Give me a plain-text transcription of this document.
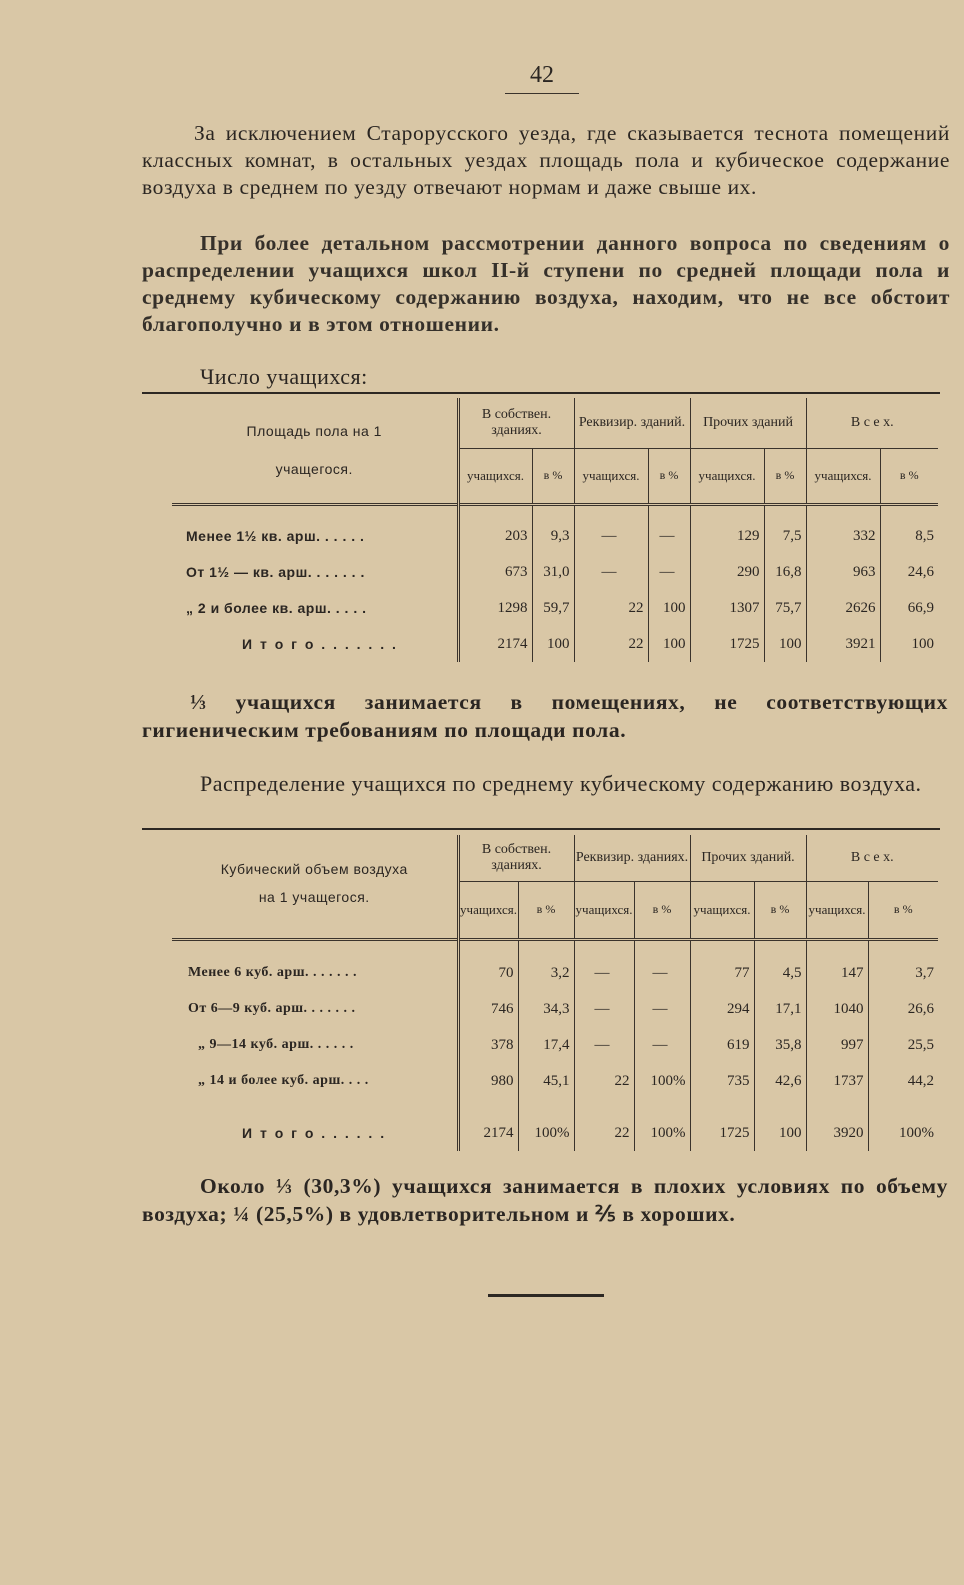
42

За исключением Старорусского уезда, где сказывается теснота помещений классных комнат, в остальных уездах площадь пола и кубическое содержание воздуха в среднем по уезду отвечают нормам и даже свыше их.

При более детальном рассмотрении данного вопроса по сведениям о распределении учащихся школ II-й ступени по средней площади пола и среднему кубическому содержанию воздуха, находим, что не все обстоит благополучно и в этом отношении.

Число учащихся:
Площадь пола на 1 учащегося.	В собствен. зданиях.		Реквизир. зданий.		Прочих зданий		В с е х.	
	учащихся.	в %	учащихся.	в %	учащихся.	в %	учащихся.	в %

Менее 1½ кв. арш. . . . . .	203	9,3	—	—	129	7,5	332	8,5
От 1½ — кв. арш. . . . . . .	673	31,0	—	—	290	16,8	963	24,6
„ 2 и более кв. арш. . . . .	1298	59,7	22	100	1307	75,7	2626	66,9
И т о г о . . . . . . .	2174	100	22	100	1725	100	3921	100

⅓ учащихся занимается в помещениях, не соответствующих гигиеническим требованиям по площади пола.

Распределение учащихся по среднему кубическому содержанию воздуха.

Кубический объем воздуха
на 1 учащегося.	В собствен. зданиях.		Реквизир. зданиях.		Прочих зданий.		В с е х.	
	учащихся.	в %	учащихся.	в %	учащихся.	в %	учащихся.	в %

Менее 6 куб. арш. . . . . . .	70	3,2	—	—	77	4,5	147	3,7
От 6—9 куб. арш. . . . . . .	746	34,3	—	—	294	17,1	1040	26,6
„ 9—14 куб. арш. . . . . .	378	17,4	—	—	619	35,8	997	25,5
„ 14 и более куб. арш. . . .	980	45,1	22	100%	735	42,6	1737	44,2

И т о г о . . . . . .	2174	100%	22	100%	1725	100	3920	100%

Около ⅓ (30,3%) учащихся занимается в плохих условиях по объему воздуха; ¼ (25,5%) в удовлетворительном и ⅖ в хороших.
